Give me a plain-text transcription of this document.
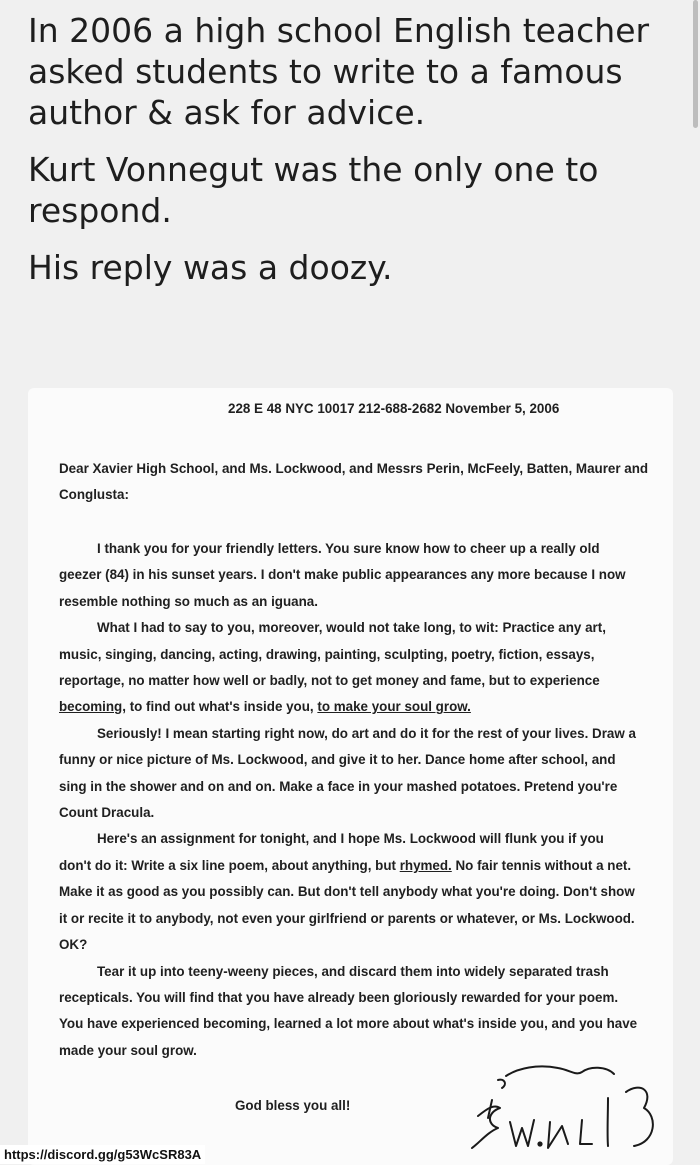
In 2006 a high school English teacher asked students to write to a famous author & ask for advice.

Kurt Vonnegut was the only one to respond.

His reply was a doozy.

228 E 48 NYC 10017 212-688-2682 November 5, 2006
Dear Xavier High School, and Ms. Lockwood, and Messrs Perin, McFeely, Batten, Maurer and Conglusta:

I thank you for your friendly letters. You sure know how to cheer up a really old geezer (84) in his sunset years. I don't make public appearances any more because I now resemble nothing so much as an iguana.

What I had to say to you, moreover, would not take long, to wit: Practice any art, music, singing, dancing, acting, drawing, painting, sculpting, poetry, fiction, essays, reportage, no matter how well or badly, not to get money and fame, but to experience becoming, to find out what's inside you, to make your soul grow.

Seriously! I mean starting right now, do art and do it for the rest of your lives. Draw a funny or nice picture of Ms. Lockwood, and give it to her. Dance home after school, and sing in the shower and on and on. Make a face in your mashed potatoes. Pretend you're Count Dracula.

Here's an assignment for tonight, and I hope Ms. Lockwood will flunk you if you don't do it: Write a six line poem, about anything, but rhymed. No fair tennis without a net. Make it as good as you possibly can. But don't tell anybody what you're doing. Don't show it or recite it to anybody, not even your girlfriend or parents or whatever, or Ms. Lockwood. OK?

Tear it up into teeny-weeny pieces, and discard them into widely separated trash recepticals. You will find that you have already been gloriously rewarded for your poem. You have experienced becoming, learned a lot more about what's inside you, and you have made your soul grow.

God bless you all!
https://discord.gg/g53WcSR83A
